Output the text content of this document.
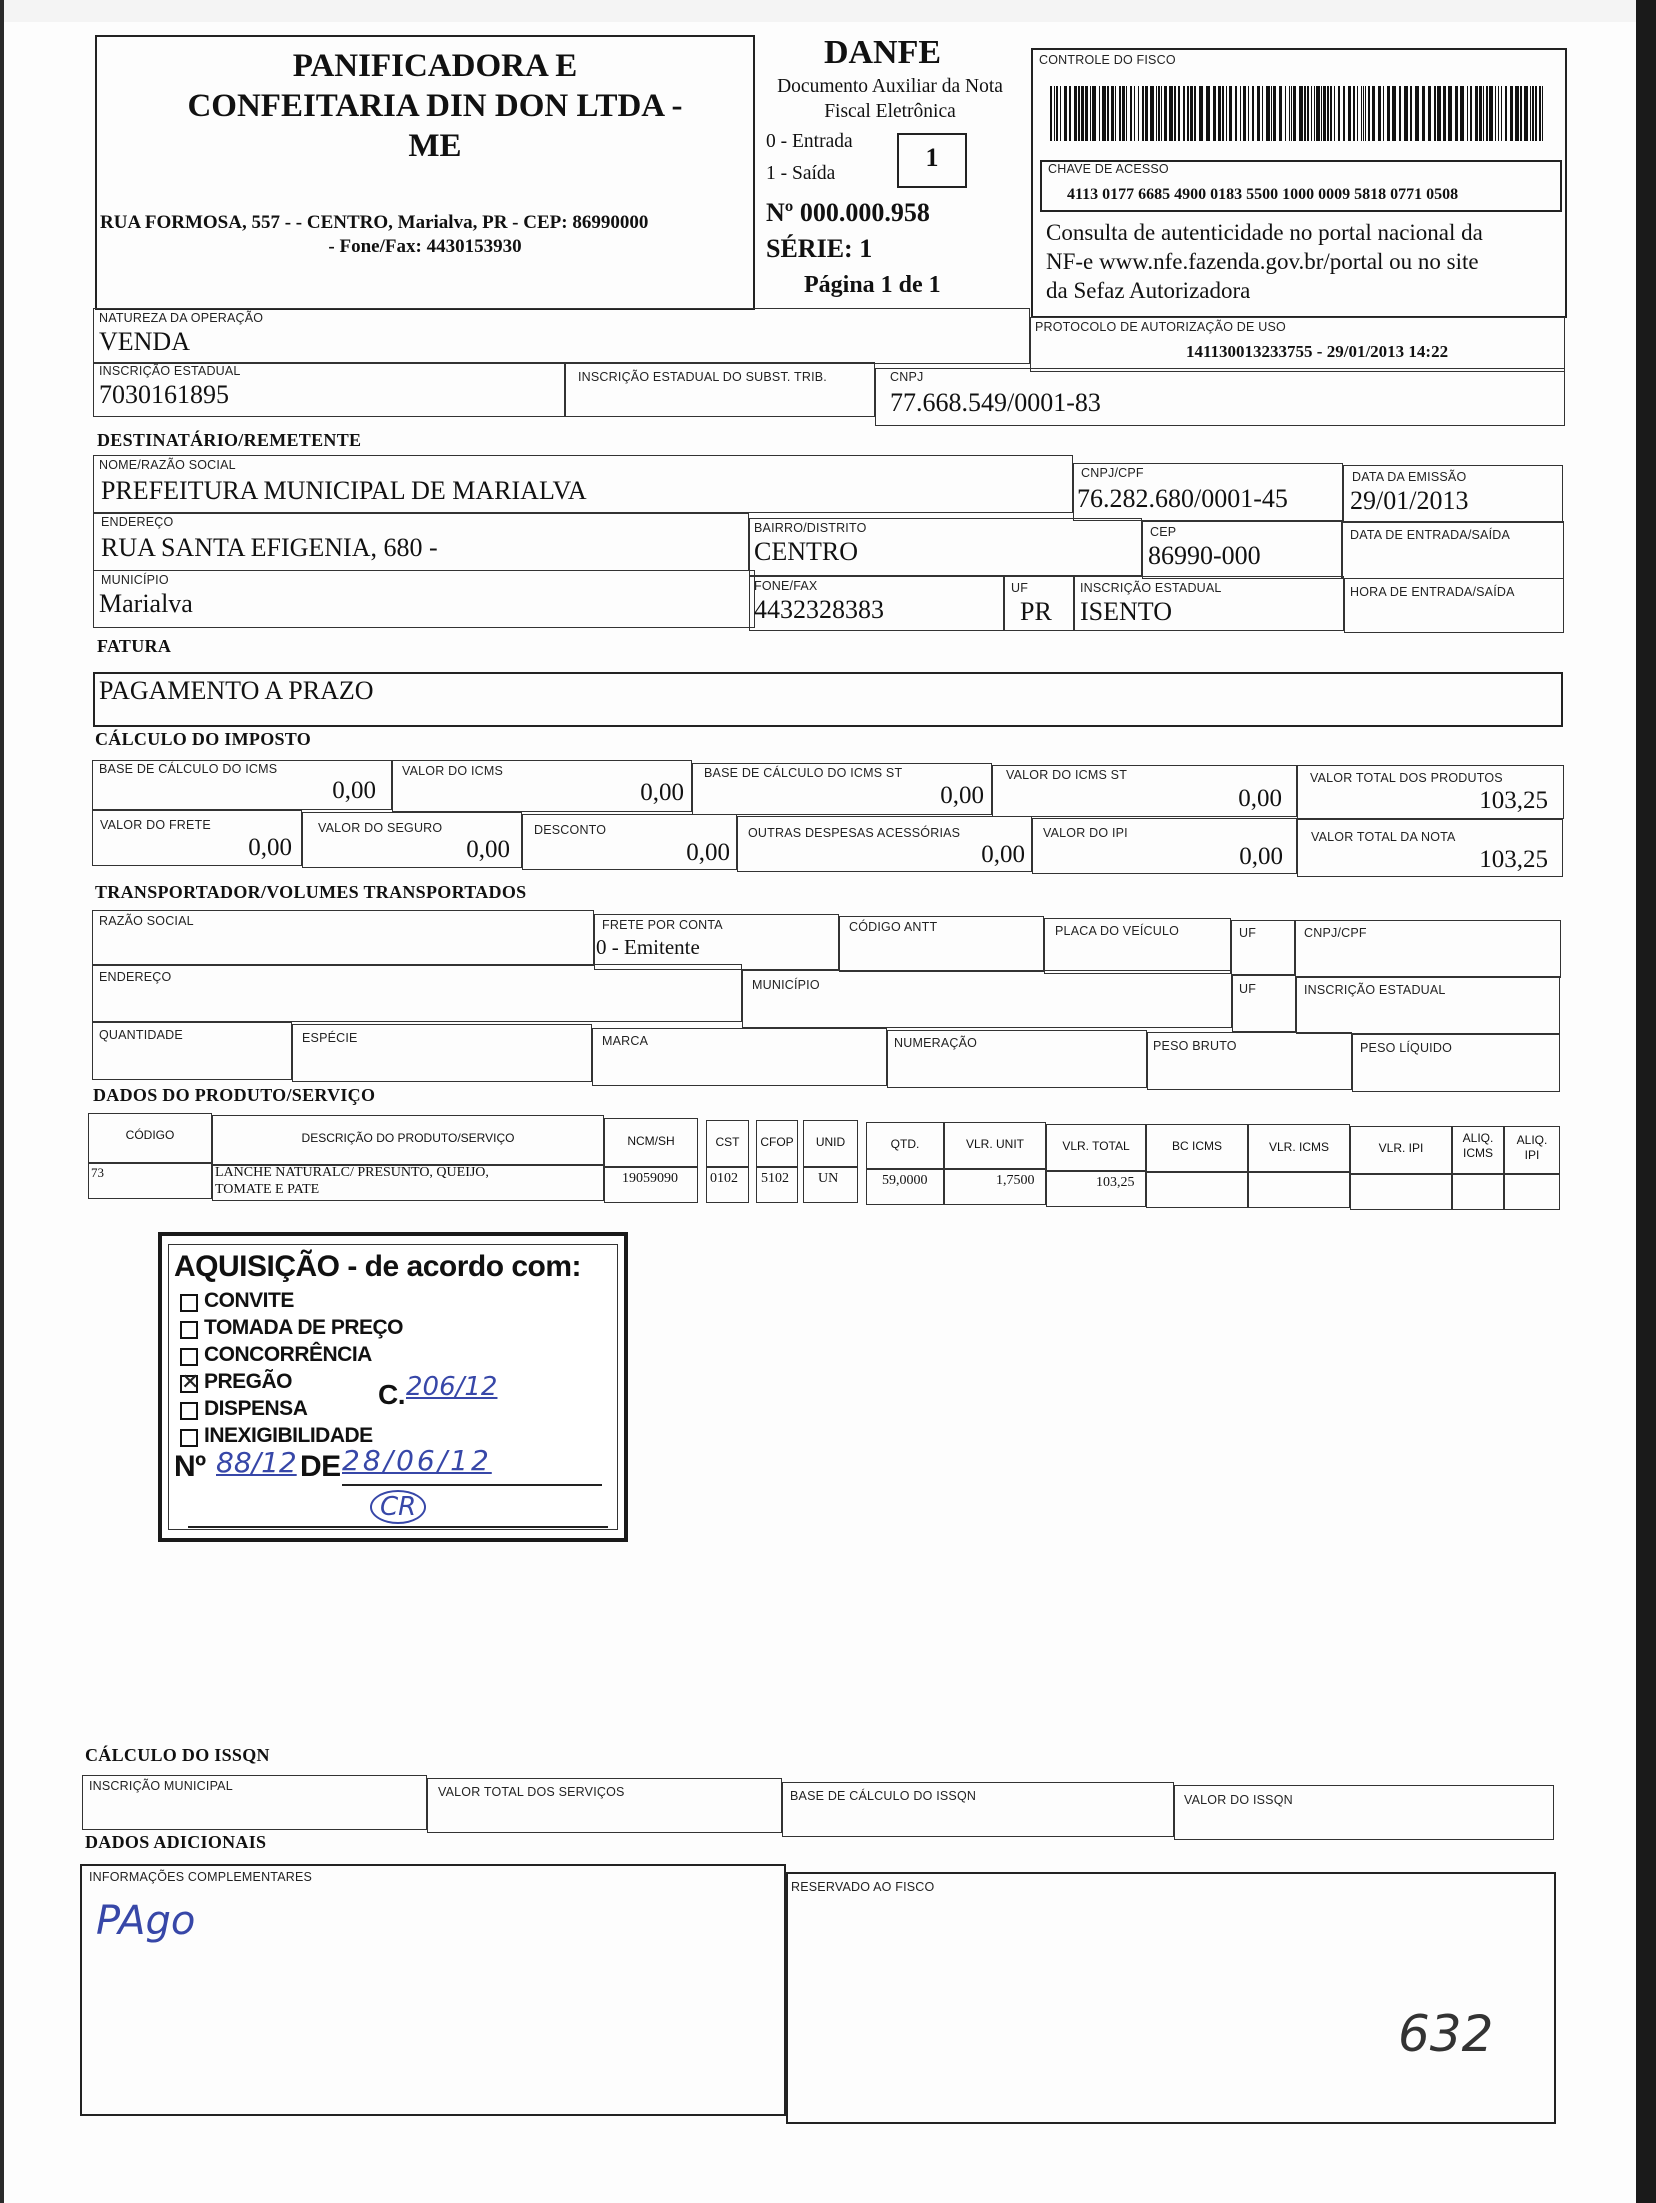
PANIFICADORA E
CONFEITARIA DIN DON LTDA -
ME
RUA FORMOSA, 557 - - CENTRO, Marialva, PR - CEP: 86990000
- Fone/Fax: 4430153930
DANFE
Documento Auxiliar da Nota
Fiscal Eletrônica
0 - Entrada
1 - Saída
1
Nº 000.000.958
SÉRIE: 1
Página 1 de 1
CONTROLE DO FISCO
CHAVE DE ACESSO
4113 0177 6685 4900 0183 5500 1000 0009 5818 0771 0508
Consulta de autenticidade no portal nacional da
NF-e www.nfe.fazenda.gov.br/portal ou no site
da Sefaz Autorizadora
NATUREZA DA OPERAÇÃO
VENDA	PROTOCOLO DE AUTORIZAÇÃO DE USO
141130013233755 - 29/01/2013 14:22
INSCRIÇÃO ESTADUAL
7030161895
INSCRIÇÃO ESTADUAL DO SUBST. TRIB.	CNPJ
77.668.549/0001-83
DESTINATÁRIO/REMETENTE
NOME/RAZÃO SOCIAL
PREFEITURA MUNICIPAL DE MARIALVA
CNPJ/CPF
76.282.680/0001-45
DATA DA EMISSÃO
29/01/2013
ENDEREÇO
RUA SANTA EFIGENIA, 680 -
BAIRRO/DISTRITO
CENTRO
CEP
86990-000
DATA DE ENTRADA/SAÍDA
MUNICÍPIO
Marialva
FONE/FAX
4432328383
UF
PR
INSCRIÇÃO ESTADUAL
ISENTO
HORA DE ENTRADA/SAÍDA
FATURA
PAGAMENTO A PRAZO
CÁLCULO DO IMPOSTO
BASE DE CÁLCULO DO ICMS
0,00
VALOR DO ICMS
0,00
BASE DE CÁLCULO DO ICMS ST
0,00
VALOR DO ICMS ST
0,00
VALOR TOTAL DOS PRODUTOS
103,25
VALOR DO FRETE
0,00
VALOR DO SEGURO
0,00
DESCONTO
0,00
OUTRAS DESPESAS ACESSÓRIAS
0,00
VALOR DO IPI
0,00
VALOR TOTAL DA NOTA
103,25
TRANSPORTADOR/VOLUMES TRANSPORTADOS
RAZÃO SOCIAL	FRETE POR CONTA
0 - Emitente
CÓDIGO ANTT	PLACA DO VEÍCULO	UF	CNPJ/CPF
ENDEREÇO
MUNICÍPIO	UF	INSCRIÇÃO ESTADUAL
QUANTIDADE	ESPÉCIE	MARCA	NUMERAÇÃO	PESO BRUTO	PESO LÍQUIDO
DADOS DO PRODUTO/SERVIÇO
CÓDIGO	DESCRIÇÃO DO PRODUTO/SERVIÇO	NCM/SH	CST	CFOP	UNID	QTD.	VLR. UNIT	VLR. TOTAL	BC ICMS	VLR. ICMS	VLR. IPI
ALIQ.
ICMS
ALIQ.
IPI
73	LANCHE NATURALC/ PRESUNTO, QUEIJO,
TOMATE E PATE
19059090 0102 5102 UN	59,0000	1,7500	103,25
AQUISIÇÃO - de acordo com:
CONVITE
TOMADA DE PREÇO
CONCORRÊNCIA
✕ PREGÃO
DISPENSA
INEXIGIBILIDADE
C. 206/12
Nº 88/12 DE 28/06/12
CR
CÁLCULO DO ISSQN
INSCRIÇÃO MUNICIPAL	VALOR TOTAL DOS SERVIÇOS	BASE DE CÁLCULO DO ISSQN	VALOR DO ISSQN
DADOS ADICIONAIS
INFORMAÇÕES COMPLEMENTARES
PAgo
RESERVADO AO FISCO
632
